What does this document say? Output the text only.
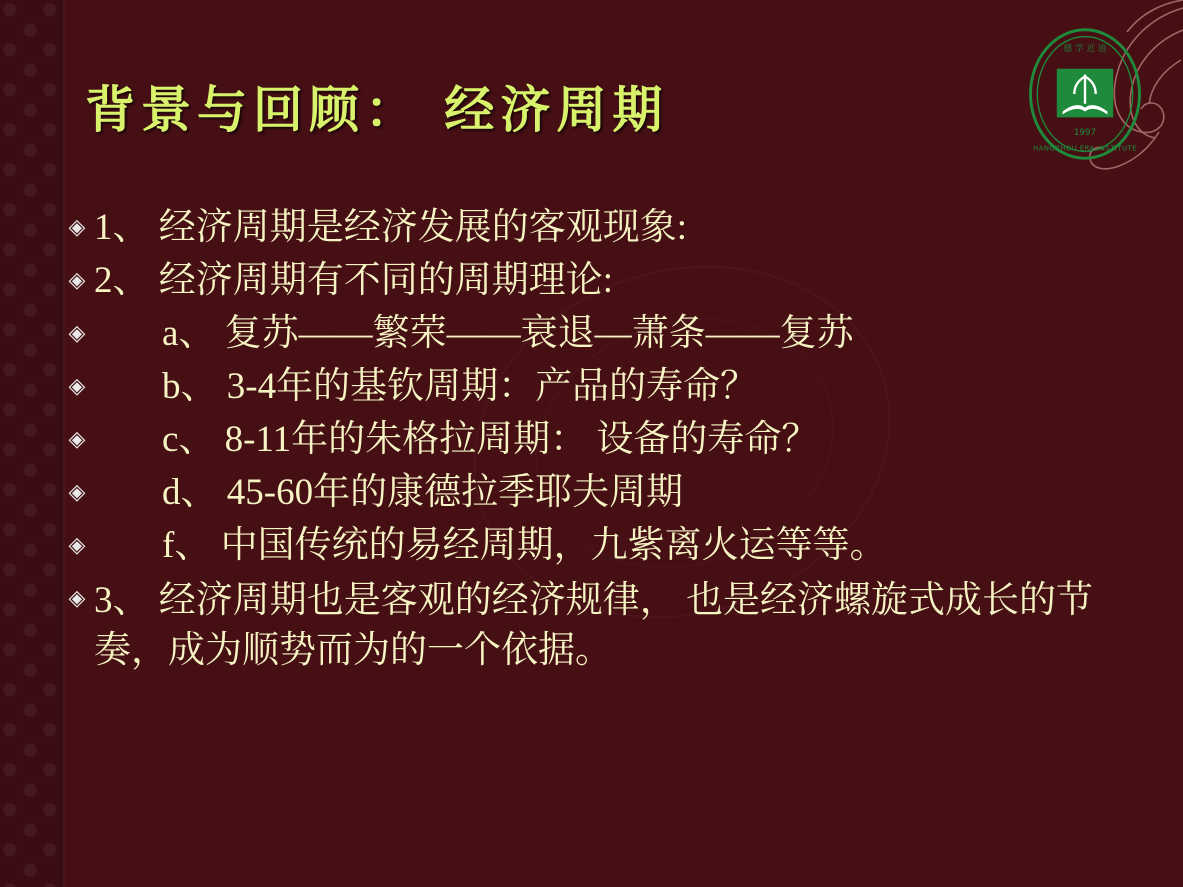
背景与回顾： 经济周期
德 学 近 道
1997
HANGZHOU ERA INSTITUTE
◈ 1、 经济周期是经济发展的客观现象:
◈ 2、 经济周期有不同的周期理论:
◈	a、 复苏——繁荣——衰退—萧条——复苏
◈	b、 3-4年的基钦周期：产品的寿命？
◈	c、 8-11年的朱格拉周期： 设备的寿命？
◈	d、 45-60年的康德拉季耶夫周期
◈	f、 中国传统的易经周期，九紫离火运等等。
◈ 3、 经济周期也是客观的经济规律， 也是经济螺旋式成长的节奏，成为顺势而为的一个依据。
